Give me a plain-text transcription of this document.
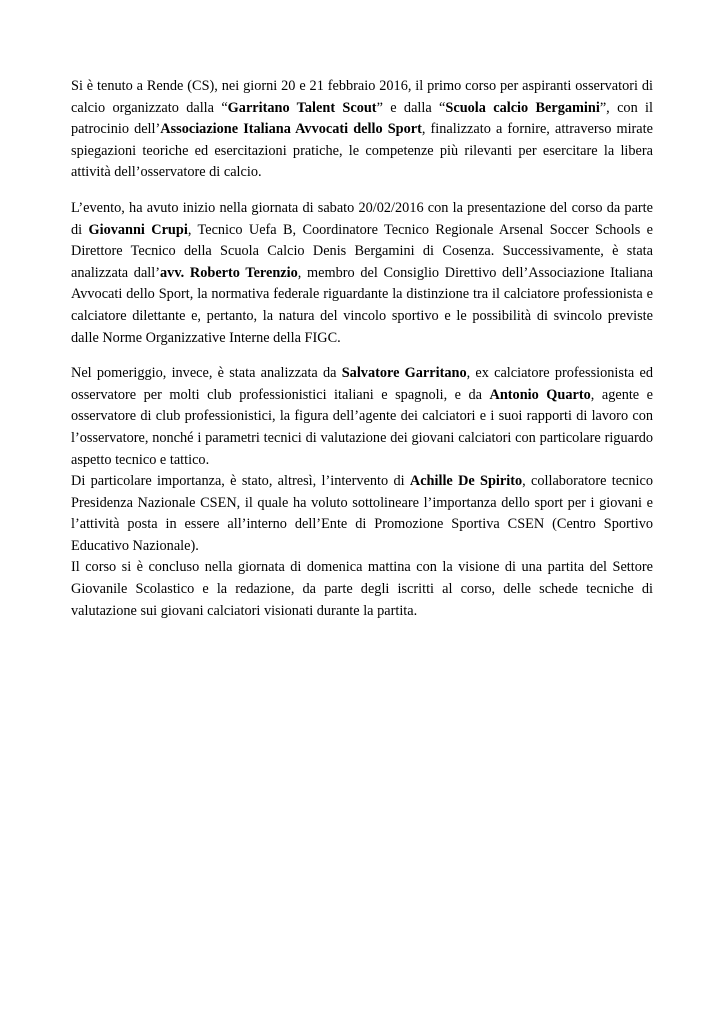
Si è tenuto a Rende (CS), nei giorni 20 e 21 febbraio 2016, il primo corso per aspiranti osservatori di calcio organizzato dalla “Garritano Talent Scout” e dalla “Scuola calcio Bergamini”, con il patrocinio dell’Associazione Italiana Avvocati dello Sport, finalizzato a fornire, attraverso mirate spiegazioni teoriche ed esercitazioni pratiche, le competenze più rilevanti per esercitare la libera attività dell’osservatore di calcio.

L’evento, ha avuto inizio nella giornata di sabato 20/02/2016 con la presentazione del corso da parte di Giovanni Crupi, Tecnico Uefa B, Coordinatore Tecnico Regionale Arsenal Soccer Schools e Direttore Tecnico della Scuola Calcio Denis Bergamini di Cosenza. Successivamente, è stata analizzata dall’avv. Roberto Terenzio, membro del Consiglio Direttivo dell’Associazione Italiana Avvocati dello Sport, la normativa federale riguardante la distinzione tra il calciatore professionista e calciatore dilettante e, pertanto, la natura del vincolo sportivo e le possibilità di svincolo previste dalle Norme Organizzative Interne della FIGC.

Nel pomeriggio, invece, è stata analizzata da Salvatore Garritano, ex calciatore professionista ed osservatore per molti club professionistici italiani e spagnoli, e da Antonio Quarto, agente e osservatore di club professionistici, la figura dell’agente dei calciatori e i suoi rapporti di lavoro con l’osservatore, nonché i parametri tecnici di valutazione dei giovani calciatori con particolare riguardo aspetto tecnico e tattico.

Di particolare importanza, è stato, altresì, l’intervento di Achille De Spirito, collaboratore tecnico Presidenza Nazionale CSEN, il quale ha voluto sottolineare l’importanza dello sport per i giovani e l’attività posta in essere all’interno dell’Ente di Promozione Sportiva CSEN (Centro Sportivo Educativo Nazionale).

Il corso si è concluso nella giornata di domenica mattina con la visione di una partita del Settore Giovanile Scolastico e la redazione, da parte degli iscritti al corso, delle schede tecniche di valutazione sui giovani calciatori visionati durante la partita.
